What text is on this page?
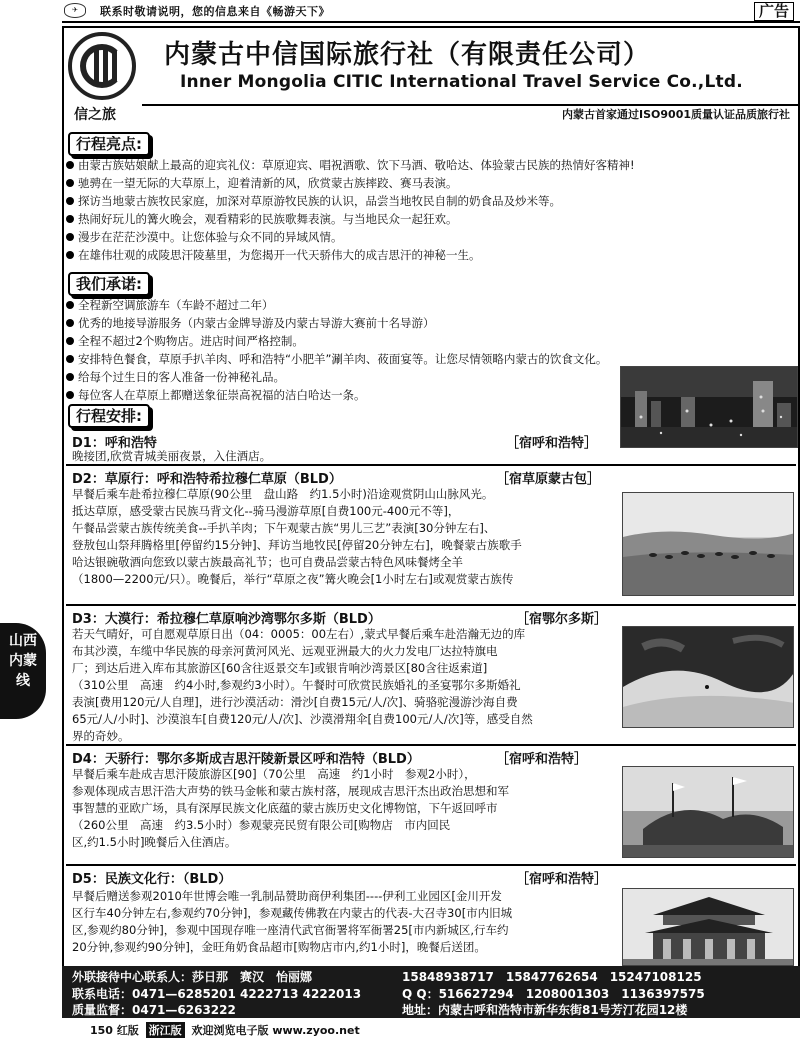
✈	联系时敬请说明，您的信息来自《畅游天下》	广告
山西
内蒙
线
信之旅
内蒙古中信国际旅行社（有限责任公司）
Inner Mongolia CITIC International Travel Service Co.,Ltd.
内蒙古首家通过ISO9001质量认证品质旅行社
行程亮点:
由蒙古族姑娘献上最高的迎宾礼仪：草原迎宾、唱祝酒歌、饮下马酒、敬哈达、体验蒙古民族的热情好客精神!
驰骋在一望无际的大草原上，迎着清新的风，欣赏蒙古族摔跤、赛马表演。
探访当地蒙古族牧民家庭，加深对草原游牧民族的认识，品尝当地牧民自制的奶食品及炒米等。
热闹好玩儿的篝火晚会，观看精彩的民族歌舞表演。与当地民众一起狂欢。
漫步在茫茫沙漠中。让您体验与众不同的异域风情。
在雄伟壮观的成陵思汗陵墓里，为您揭开一代天骄伟大的成吉思汗的神秘一生。
我们承诺:
全程新空调旅游车（车龄不超过二年）
优秀的地接导游服务（内蒙古金牌导游及内蒙古导游大赛前十名导游）
全程不超过2个购物店。进店时间严格控制。
安排特色餐食，草原手扒羊肉、呼和浩特“小肥羊”涮羊肉、莜面宴等。让您尽情领略内蒙古的饮食文化。
给每个过生日的客人准备一份神秘礼品。
每位客人在草原上都赠送象征崇高祝福的洁白哈达一条。
行程安排:
D1：呼和浩特	［宿呼和浩特］

晚接团,欣赏青城美丽夜景，入住酒店。

D2：草原行：呼和浩特希拉穆仁草原（BLD）	［宿草原蒙古包］

早餐后乘车赴希拉穆仁草原(90公里　盘山路　约1.5小时)沿途观赏阴山山脉风光。

抵达草原，感受蒙古民族马背文化--骑马漫游草原[自费100元-400元不等]，

午餐品尝蒙古族传统美食--手扒羊肉；下午观蒙古族“男儿三艺”表演[30分钟左右]、

登敖包山祭拜腾格里[停留约15分钟]、拜访当地牧民[停留20分钟左右]，晚餐蒙古族歌手

哈达银碗敬酒向您致以蒙古族最高礼节；也可自费品尝蒙古特色风味餐烤全羊

（1800—2200元/只）。晚餐后，举行“草原之夜”篝火晚会[1小时左右]或观赏蒙古族传

D3：大漠行：希拉穆仁草原响沙湾鄂尔多斯（BLD）	［宿鄂尔多斯］

若天气晴好，可自愿观草原日出（04：0005：00左右）,蒙式早餐后乘车赴浩瀚无边的库

布其沙漠，车缆中华民族的母亲河黄河风光、远观亚洲最大的火力发电厂达拉特旗电

厂；到达后进入库布其旅游区[60含往返景交车]或银肯响沙湾景区[80含往返索道]

（310公里　高速　约4小时,参观约3小时）。午餐时可欣赏民族婚礼的圣宴鄂尔多斯婚礼

表演[费用120元/人自理]，进行沙漠活动：滑沙[自费15元/人/次]、骑骆驼漫游沙海自费

65元/人/小时]、沙漠浪车[自费120元/人/次]、沙漠滑翔伞[自费100元/人/次]等，感受自然

界的奇妙。

D4：天骄行：鄂尔多斯成吉思汗陵新景区呼和浩特（BLD）	［宿呼和浩特］

早餐后乘车赴成吉思汗陵旅游区[90]（70公里　高速　约1小时　参观2小时），

参观体现成吉思汗浩大声势的铁马金帐和蒙古族村落，展现成吉思汗杰出政治思想和军

事智慧的亚欧广场，具有深厚民族文化底蕴的蒙古族历史文化博物馆，下午返回呼市

（260公里　高速　约3.5小时）参观蒙亮民贸有限公司[购物店　市内回民

区,约1.5小时]晚餐后入住酒店。

D5：民族文化行：（BLD）	［宿呼和浩特］

早餐后赠送参观2010年世博会唯一乳制品赞助商伊利集团----伊利工业园区[金川开发

区行车40分钟左右,参观约70分钟]，参观藏传佛教在内蒙古的代表-大召寺30[市内旧城

区,参观约80分钟]，参观中国现存唯一座清代武官衙署将军衙署25[市内新城区,行车约

20分钟,参观约90分钟]，金旺角奶食品超市[购物店市内,约1小时]，晚餐后送团。

外联接待中心联系人：莎日那　赛汉　怡丽娜	15848938717　15847762654　15247108125
联系电话：0471—6285201 4222713 4222013	Q Q：516627294　1208001303　1136397575
质量监督：0471—6263222	地址：内蒙古呼和浩特市新华东街81号芳汀花园12楼
150 红版 浙江版 欢迎浏览电子版 www.zyoo.net
